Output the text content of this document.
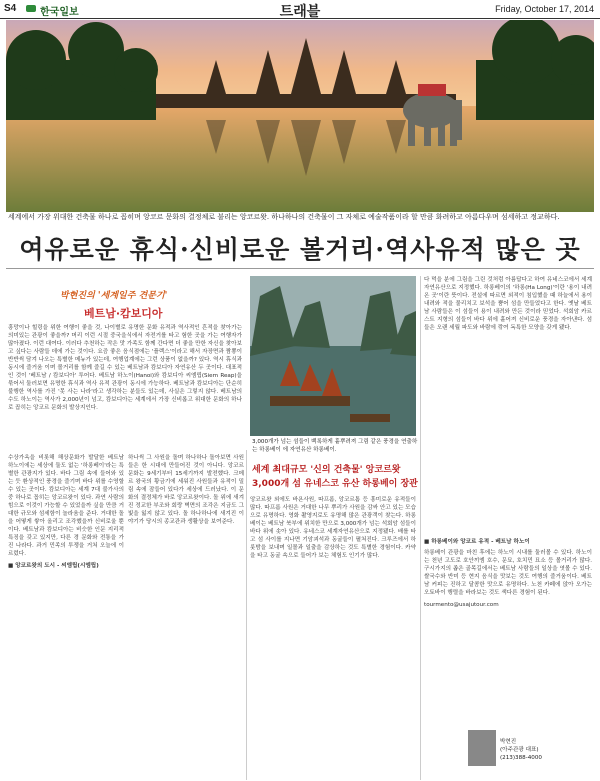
S4 한국일보	트래블	Friday, October 17, 2014
세계에서 가장 위대한 건축물 하나로 꼽히며 앙코르 문화의 결정체로 불리는 앙코르왓. 하나하나의 건축물이 그 자체로 예술작품이라 할 만큼 화려하고 아름다우며 섬세하고 정교하다.
여유로운 휴식·신비로운 볼거리·역사유적 많은 곳
박현진의 '세계일주 견문기'
베트남·캄보디아
흥망이나 힐링을 위한 여행이 좋을 것, 나이별로 유명한 문화 유적과 역사적인 흔적을 찾아가는 의미있는 관광이 좋을까? 머리 이런 시절 중국을식에서 자전거를 타고 험한 곳을 가는 여행자가 많아졌다. 이런 대여다. 이러다 추천하는 작은 맛 가족도 함께 간다면 더 좋을 만한 자신을 찾아보고 싶다는 사람들 데에 가는 것이다. 요즘 좋은 음식점에는 '플렉스'이라고 해서 자장면과 짬뽕이 반반씩 담겨 나오는 특별한 메뉴가 있는데, 여행업계에는 그런 상품이 없을까? 있다. 역시 휴식과 동시에 즐거움 이며 볼거리를 함께 즐길 수 있는 베트남과 캄보디아 자연유산 두 곳이다. 대표적인 것이 '베트남 / 캄보디아' 투어다. 베트남 하노이(Hanoi)와 캄보디아 씨엠립(Siem Reap)을 묶어서 둘러보면 유명한 휴식과 역사 유적 관광이 동시에 가능하다. 베트남과 캄보디아는 단순히 불행한 역사를 가진 '못 사는 나라'라고 생각하는 분들도 있는데, 사실은 그렇지 않다. 베트남의 수도 하노이는 역사가 2,000년이 넘고, 캄보디아는 세계에서 가장 신비롭고 위대한 문화의 하나로 꼽히는 앙코르 문화의 발상지인다.
3,000개가 넘는 섬들이 백록하게 흩뿌려져 그림 같은 풍경을 연출하는 하롱베이 에 자연유산 하롱베이.
세계 최대규모 '신의 건축물' 앙코르왓
3,000개 섬 유네스코 유산 하롱베이 장관
수상가옥을 비롯해 해상문화가 발달한 베트남 하노이에는 세상에 둘도 없는 '하롱베이'라는 특별한 관광지가 있다. 바다 그림 속에 들어와 있는 듯 환상적인 풍경을 즐기며 바다 위를 수영할 수 있는 곳이다. 캄보디아는 세계 7대 불가사의 중 하나로 꼽히는 앙코르왓이 있다. 과연 사람의 힘으로 이것이 가능할 수 있었을까 싶을 만큼 거대한 규모와 섬세함이 놀라움을 준다. 거대한 돌을 어떻게 쌓아 올리고 조각했을까 신비로울 뿐이다. 베트남과 캄보디아는 비슷한 인문 지리적 특징을 갖고 있지만, 다른 경 문화와 전통을 가진 나라다. 과거 민족의 투쟁을 거쳐 오늘에 이르렀다.
■ 앙코르왓의 도시 - 씨엠립(시엠립)
하나씩 그 사원을 돌며 하나하나 돌아보면 사원들은 한 시대에 만들어진 것이 아니다. 앙코르 문화는 9세기부터 15세기까지 발전했다. 크메르 왕국의 황금기에 세워진 사원들과 유적이 밀림 속에 잠들어 있다가 세상에 드러났다. 이 문화의 결정체가 바로 앙코르왓이다. 돌 위에 새겨진 정교한 부조와 회랑 벽면의 조각은 지금도 그 빛을 잃지 않고 있다. 돌 하나하나에 새겨진 이야기가 당시의 종교관과 생활상을 보여준다.
앙코르왓 외에도 바욘사원, 따프롬, 앙코르톰 등 흥미로운 유적들이 많다. 따프롬 사원은 거대한 나무 뿌리가 사원을 감싸 안고 있는 모습으로 유명하다. 영화 촬영지로도 유명해 많은 관광객이 찾는다. 하롱베이는 베트남 북부에 위치한 만으로 3,000개가 넘는 석회암 섬들이 바다 위에 솟아 있다. 유네스코 세계자연유산으로 지정됐다. 배를 타고 섬 사이를 지나면 기암괴석과 동굴들이 펼쳐진다. 크루즈에서 하룻밤을 보내며 일몰과 일출을 감상하는 것도 특별한 경험이다. 카약을 타고 동굴 속으로 들어가 보는 체험도 인기가 많다.
다 먹을 분에 그림을 그린 것처럼 아름답다고 하여 유네스코에서 세계 자연유산으로 지정했다. 하롱베이의 '하롱(Ha Long)'이란 '용이 내려온 곳'이란 뜻이다. 전설에 따르면 외적이 침입했을 때 하늘에서 용이 내려와 적을 물리치고 보석을 뿜어 섬을 만들었다고 한다. 옛날 베트남 사람들은 이 섬들이 용이 내려와 만든 것이라 믿었다. 석회암 카르스트 지형의 섬들이 바다 위에 흩어져 신비로운 풍경을 자아낸다. 섬들은 오랜 세월 파도와 바람에 깎여 독특한 모양을 갖게 됐다.
■ 하롱베이와 앙코르 유적 - 베트남 하노이
하롱베이 관광을 마친 후에는 하노이 시내를 둘러볼 수 있다. 하노이는 천년 고도로 호안끼엠 호수, 문묘, 호치민 묘소 등 볼거리가 많다. 구시가지의 좁은 골목길에서는 베트남 사람들의 일상을 엿볼 수 있다. 쌀국수와 반미 등 현지 음식을 맛보는 것도 여행의 즐거움이다. 베트남 커피는 진하고 달콤한 맛으로 유명하다. 노천 카페에 앉아 오가는 오토바이 행렬을 바라보는 것도 색다른 경험이 된다.
tourmento@usajutour.com
박현진
(아주관광 대표)
(213)388-4000
